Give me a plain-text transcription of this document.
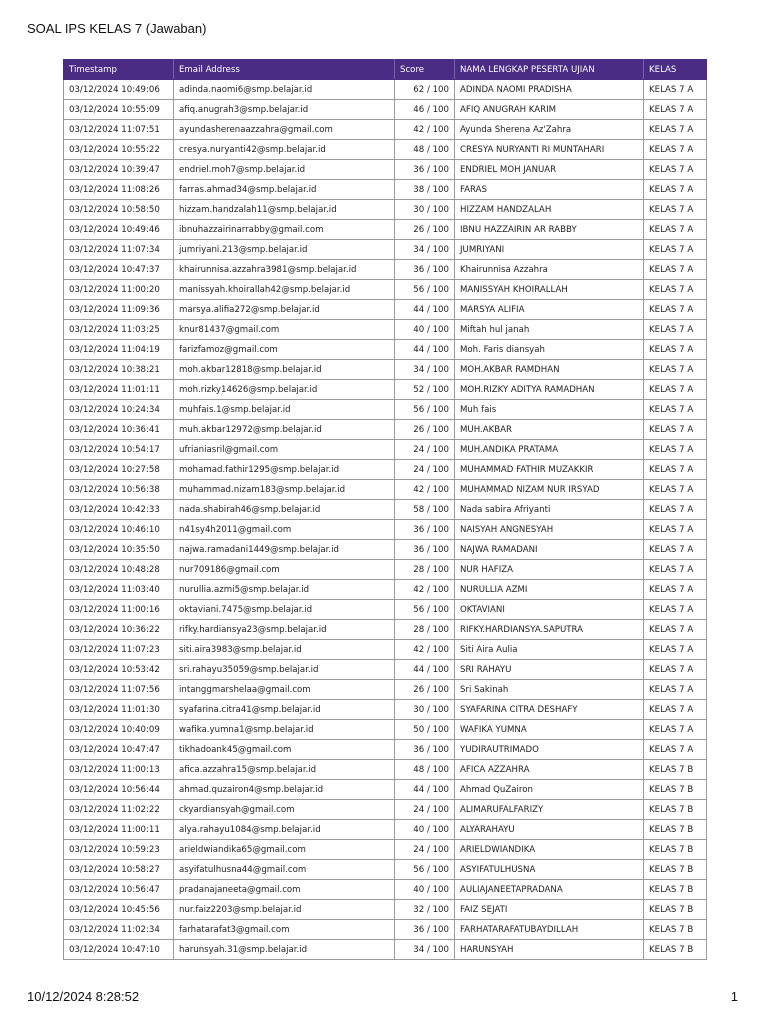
SOAL IPS KELAS 7 (Jawaban)
Timestamp	Email Address	Score	NAMA LENGKAP PESERTA UJIAN	KELAS
03/12/2024 10:49:06	adinda.naomi6@smp.belajar.id	62 / 100	ADINDA NAOMI PRADISHA	KELAS 7 A
03/12/2024 10:55:09	afiq.anugrah3@smp.belajar.id	46 / 100	AFIQ ANUGRAH KARIM	KELAS 7 A
03/12/2024 11:07:51	ayundasherenaazzahra@gmail.com	42 / 100	Ayunda Sherena Az'Zahra	KELAS 7 A
03/12/2024 10:55:22	cresya.nuryanti42@smp.belajar.id	48 / 100	CRESYA NURYANTI RI MUNTAHARI	KELAS 7 A
03/12/2024 10:39:47	endriel.moh7@smp.belajar.id	36 / 100	ENDRIEL MOH JANUAR	KELAS 7 A
03/12/2024 11:08:26	farras.ahmad34@smp.belajar.id	38 / 100	FARAS	KELAS 7 A
03/12/2024 10:58:50	hizzam.handzalah11@smp.belajar.id	30 / 100	HIZZAM HANDZALAH	KELAS 7 A
03/12/2024 10:49:46	ibnuhazzairinarrabby@gmail.com	26 / 100	IBNU HAZZAIRIN AR RABBY	KELAS 7 A
03/12/2024 11:07:34	jumriyani.213@smp.belajar.id	34 / 100	JUMRIYANI	KELAS 7 A
03/12/2024 10:47:37	khairunnisa.azzahra3981@smp.belajar.id	36 / 100	Khairunnisa Azzahra	KELAS 7 A
03/12/2024 11:00:20	manissyah.khoirallah42@smp.belajar.id	56 / 100	MANISSYAH KHOIRALLAH	KELAS 7 A
03/12/2024 11:09:36	marsya.alifia272@smp.belajar.id	44 / 100	MARSYA ALIFIA	KELAS 7 A
03/12/2024 11:03:25	knur81437@gmail.com	40 / 100	Miftah hul janah	KELAS 7 A
03/12/2024 11:04:19	farizfamoz@gmail.com	44 / 100	Moh. Faris diansyah	KELAS 7 A
03/12/2024 10:38:21	moh.akbar12818@smp.belajar.id	34 / 100	MOH.AKBAR RAMDHAN	KELAS 7 A
03/12/2024 11:01:11	moh.rizky14626@smp.belajar.id	52 / 100	MOH.RIZKY ADITYA RAMADHAN	KELAS 7 A
03/12/2024 10:24:34	muhfais.1@smp.belajar.id	56 / 100	Muh fais	KELAS 7 A
03/12/2024 10:36:41	muh.akbar12972@smp.belajar.id	26 / 100	MUH.AKBAR	KELAS 7 A
03/12/2024 10:54:17	ufrianiasril@gmail.com	24 / 100	MUH.ANDIKA PRATAMA	KELAS 7 A
03/12/2024 10:27:58	mohamad.fathir1295@smp.belajar.id	24 / 100	MUHAMMAD FATHIR MUZAKKIR	KELAS 7 A
03/12/2024 10:56:38	muhammad.nizam183@smp.belajar.id	42 / 100	MUHAMMAD NIZAM NUR IRSYAD	KELAS 7 A
03/12/2024 10:42:33	nada.shabirah46@smp.belajar.id	58 / 100	Nada sabira Afriyanti	KELAS 7 A
03/12/2024 10:46:10	n41sy4h2011@gmail.com	36 / 100	NAISYAH ANGNESYAH	KELAS 7 A
03/12/2024 10:35:50	najwa.ramadani1449@smp.belajar.id	36 / 100	NAJWA RAMADANI	KELAS 7 A
03/12/2024 10:48:28	nur709186@gmail.com	28 / 100	NUR HAFIZA	KELAS 7 A
03/12/2024 11:03:40	nurullia.azmi5@smp.belajar.id	42 / 100	NURULLIA AZMI	KELAS 7 A
03/12/2024 11:00:16	oktaviani.7475@smp.belajar.id	56 / 100	OKTAVIANI	KELAS 7 A
03/12/2024 10:36:22	rifky.hardiansya23@smp.belajar.id	28 / 100	RIFKY.HARDIANSYA.SAPUTRA	KELAS 7 A
03/12/2024 11:07:23	siti.aira3983@smp.belajar.id	42 / 100	Siti Aira Aulia	KELAS 7 A
03/12/2024 10:53:42	sri.rahayu35059@smp.belajar.id	44 / 100	SRI RAHAYU	KELAS 7 A
03/12/2024 11:07:56	intanggmarshelaa@gmail.com	26 / 100	Sri Sakinah	KELAS 7 A
03/12/2024 11:01:30	syafarina.citra41@smp.belajar.id	30 / 100	SYAFARINA CITRA DESHAFY	KELAS 7 A
03/12/2024 10:40:09	wafika.yumna1@smp.belajar.id	50 / 100	WAFIKA YUMNA	KELAS 7 A
03/12/2024 10:47:47	tikhadoank45@gmail.com	36 / 100	YUDIRAUTRIMADO	KELAS 7 A
03/12/2024 11:00:13	afica.azzahra15@smp.belajar.id	48 / 100	AFICA AZZAHRA	KELAS 7 B
03/12/2024 10:56:44	ahmad.quzairon4@smp.belajar.id	44 / 100	Ahmad QuZairon	KELAS 7 B
03/12/2024 11:02:22	ckyardiansyah@gmail.com	24 / 100	ALIMARUFALFARIZY	KELAS 7 B
03/12/2024 11:00:11	alya.rahayu1084@smp.belajar.id	40 / 100	ALYARAHAYU	KELAS 7 B
03/12/2024 10:59:23	arieldwiandika65@gmail.com	24 / 100	ARIELDWIANDIKA	KELAS 7 B
03/12/2024 10:58:27	asyifatulhusna44@gmail.com	56 / 100	ASYIFATULHUSNA	KELAS 7 B
03/12/2024 10:56:47	pradanajaneeta@gmail.com	40 / 100	AULIAJANEETAPRADANA	KELAS 7 B
03/12/2024 10:45:56	nur.faiz2203@smp.belajar.id	32 / 100	FAIZ SEJATI	KELAS 7 B
03/12/2024 11:02:34	farhatarafat3@gmail.com	36 / 100	FARHATARAFATUBAYDILLAH	KELAS 7 B
03/12/2024 10:47:10	harunsyah.31@smp.belajar.id	34 / 100	HARUNSYAH	KELAS 7 B
10/12/2024 8:28:52	1
